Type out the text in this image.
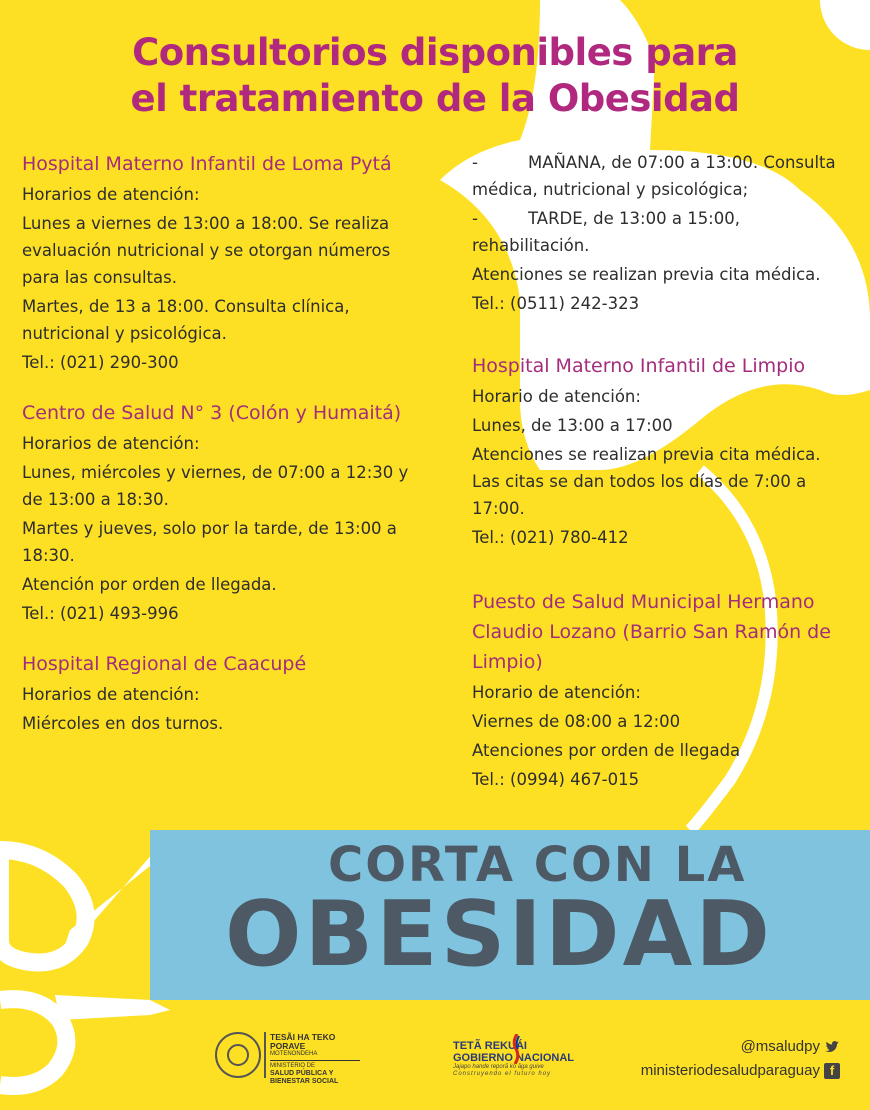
Consultorios disponibles para
el tratamiento de la Obesidad
Hospital Materno Infantil de Loma Pytá

Horarios de atención:

Lunes a viernes de 13:00 a 18:00. Se realiza evaluación nutricional y se otorgan números para las consultas.

Martes, de 13 a 18:00. Consulta clínica, nutricional y psicológica.

Tel.: (021) 290-300

Centro de Salud N° 3 (Colón y Humaitá)

Horarios de atención:

Lunes, miércoles y viernes, de 07:00 a 12:30 y de 13:00 a 18:30.

Martes y jueves, solo por la tarde, de 13:00 a 18:30.

Atención por orden de llegada.

Tel.: (021) 493-996

Hospital Regional de Caacupé

Horarios de atención:

Miércoles en dos turnos.

-	MAÑANA, de 07:00 a 13:00. Consulta médica, nutricional y psicológica;

-	TARDE, de 13:00 a 15:00, rehabilitación.

Atenciones se realizan previa cita médica.

Tel.: (0511) 242-323

Hospital Materno Infantil de Limpio

Horario de atención:

Lunes, de 13:00 a 17:00

Atenciones se realizan previa cita médica. Las citas se dan todos los días de 7:00 a 17:00.

Tel.: (021) 780-412

Puesto de Salud Municipal Hermano Claudio Lozano (Barrio San Ramón de Limpio)

Horario de atención:

Viernes de 08:00 a 12:00

Atenciones por orden de llegada

Tel.: (0994) 467-015

CORTA CON LA
OBESIDAD
TESÃI HA TEKO PORAVE
MOTENONDEHA
MINISTERIO DE
SALUD PÚBLICA Y BIENESTAR SOCIAL
TETÃ REKUÁI
GOBIERNO NACIONAL
Jajapo hande reporã ko ãga guive
Construyendo el futuro hoy
@msaludpy
ministeriodesaludparaguay f
